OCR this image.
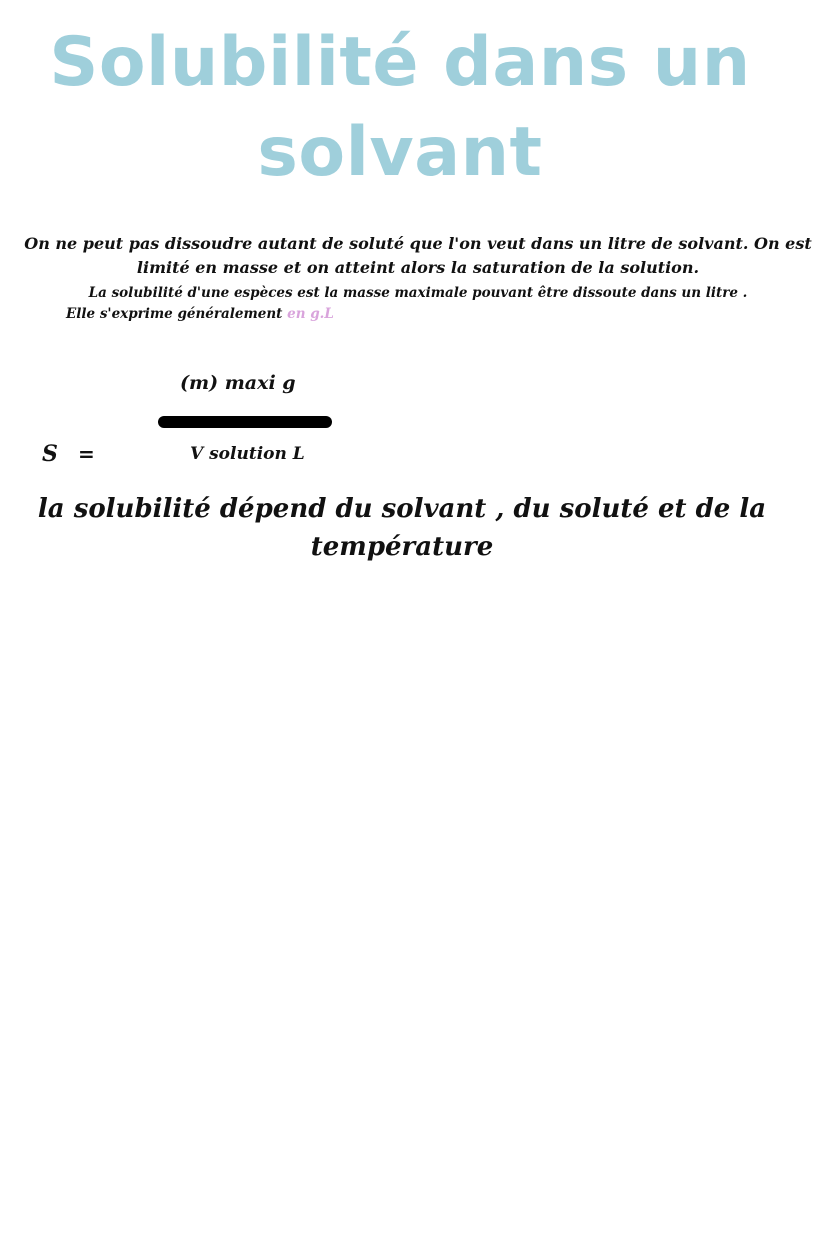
Solubilité dans un
solvant
On ne peut pas dissoudre autant de soluté que l'on veut dans un litre de solvant. On est
limité en masse et on atteint alors la saturation de la solution.
La solubilité d'une espèces est la masse maximale pouvant être dissoute dans un litre .
Elle s'exprime généralement en g.L
(m) maxi g
S =	V solution L
la solubilité dépend du solvant , du soluté et de la
température
